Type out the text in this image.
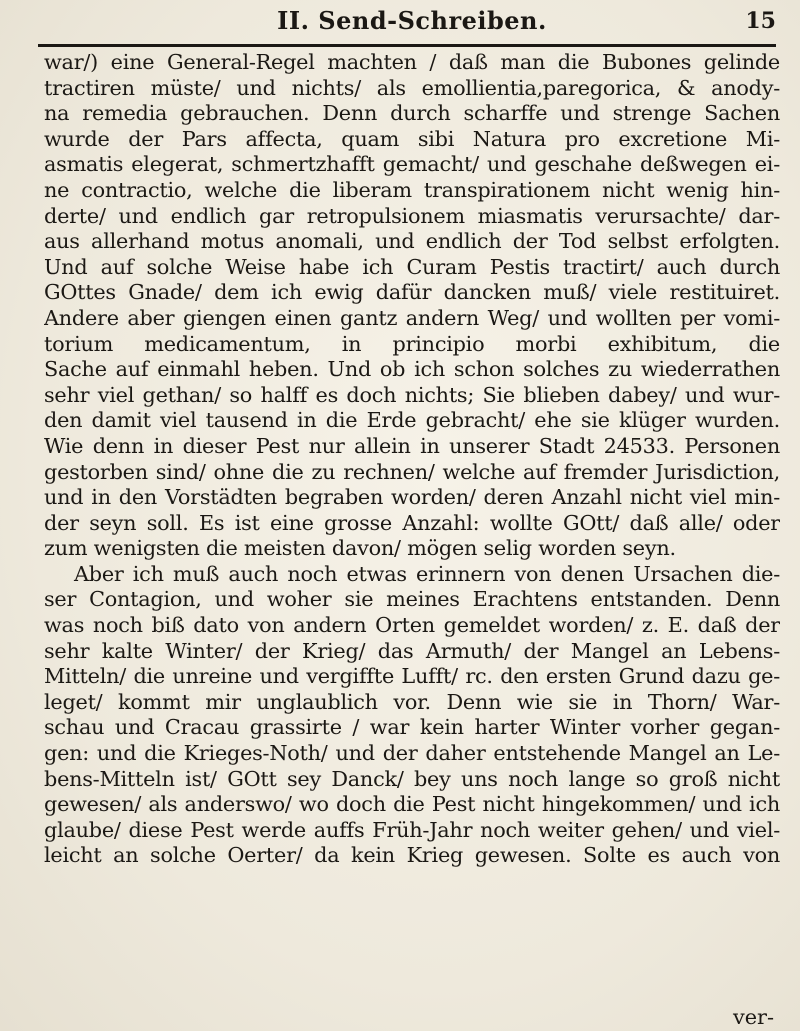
II. Send-Schreiben.	15
war/) eine General-Regel machten / daß man die Bubones gelinde
tractiren müste/ und nichts/ als emollientia,paregorica, & anody-
na remedia gebrauchen. Denn durch scharffe und strenge Sachen
wurde der Pars affecta, quam sibi Natura pro excretione Mi-
asmatis elegerat, schmertzhafft gemacht/ und geschahe deßwegen ei-
ne contractio, welche die liberam transpirationem nicht wenig hin-
derte/ und endlich gar retropulsionem miasmatis verursachte/ dar-
aus allerhand motus anomali, und endlich der Tod selbst erfolgten.
Und auf solche Weise habe ich Curam Pestis tractirt/ auch durch
GOttes Gnade/ dem ich ewig dafür dancken muß/ viele restituiret.
Andere aber giengen einen gantz andern Weg/ und wollten per vomi-
torium medicamentum, in principio morbi exhibitum, die
Sache auf einmahl heben. Und ob ich schon solches zu wiederrathen
sehr viel gethan/ so halff es doch nichts; Sie blieben dabey/ und wur-
den damit viel tausend in die Erde gebracht/ ehe sie klüger wurden.
Wie denn in dieser Pest nur allein in unserer Stadt 24533. Personen
gestorben sind/ ohne die zu rechnen/ welche auf fremder Jurisdiction,
und in den Vorstädten begraben worden/ deren Anzahl nicht viel min-
der seyn soll. Es ist eine grosse Anzahl: wollte GOtt/ daß alle/ oder
zum wenigsten die meisten davon/ mögen selig worden seyn.
Aber ich muß auch noch etwas erinnern von denen Ursachen die-
ser Contagion, und woher sie meines Erachtens entstanden. Denn
was noch biß dato von andern Orten gemeldet worden/ z. E. daß der
sehr kalte Winter/ der Krieg/ das Armuth/ der Mangel an Lebens-
Mitteln/ die unreine und vergiffte Lufft/ rc. den ersten Grund dazu ge-
leget/ kommt mir unglaublich vor. Denn wie sie in Thorn/ War-
schau und Cracau grassirte / war kein harter Winter vorher gegan-
gen: und die Krieges-Noth/ und der daher entstehende Mangel an Le-
bens-Mitteln ist/ GOtt sey Danck/ bey uns noch lange so groß nicht
gewesen/ als anderswo/ wo doch die Pest nicht hingekommen/ und ich
glaube/ diese Pest werde auffs Früh-Jahr noch weiter gehen/ und viel-
leicht an solche Oerter/ da kein Krieg gewesen. Solte es auch von
ver-
